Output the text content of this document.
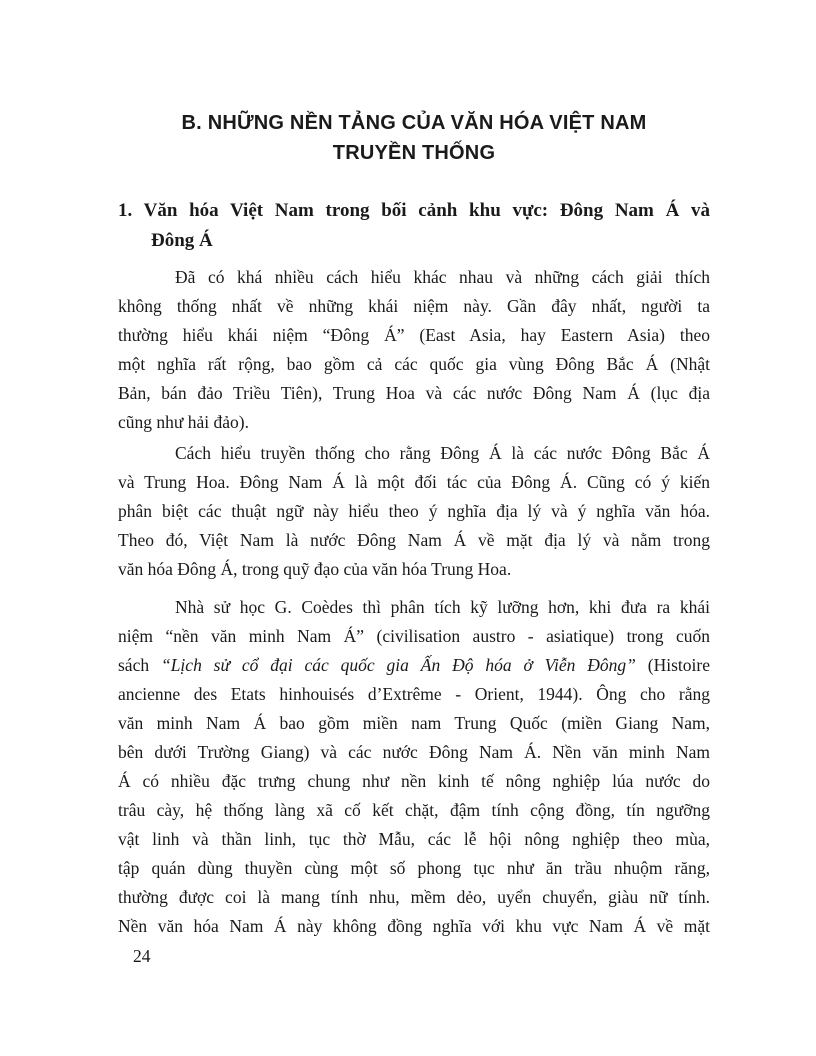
B. NHỮNG NỀN TẢNG CỦA VĂN HÓA VIỆT NAM
TRUYỀN THỐNG
1. Văn hóa Việt Nam trong bối cảnh khu vực: Đông Nam Á và
Đông Á
Đã có khá nhiều cách hiểu khác nhau và những cách giải thích
không thống nhất về những khái niệm này. Gần đây nhất, người ta
thường hiểu khái niệm “Đông Á” (East Asia, hay Eastern Asia) theo
một nghĩa rất rộng, bao gồm cả các quốc gia vùng Đông Bắc Á (Nhật
Bản, bán đảo Triều Tiên), Trung Hoa và các nước Đông Nam Á (lục địa
cũng như hải đảo).
Cách hiểu truyền thống cho rằng Đông Á là các nước Đông Bắc Á
và Trung Hoa. Đông Nam Á là một đối tác của Đông Á. Cũng có ý kiến
phân biệt các thuật ngữ này hiểu theo ý nghĩa địa lý và ý nghĩa văn hóa.
Theo đó, Việt Nam là nước Đông Nam Á về mặt địa lý và nằm trong
văn hóa Đông Á, trong quỹ đạo của văn hóa Trung Hoa.
Nhà sử học G. Coèdes thì phân tích kỹ lưỡng hơn, khi đưa ra khái
niệm “nền văn minh Nam Á” (civilisation austro - asiatique) trong cuốn
sách “Lịch sử cổ đại các quốc gia Ấn Độ hóa ở Viễn Đông” (Histoire
ancienne des Etats hinhouisés d’Extrême - Orient, 1944). Ông cho rằng
văn minh Nam Á bao gồm miền nam Trung Quốc (miền Giang Nam,
bên dưới Trường Giang) và các nước Đông Nam Á. Nền văn minh Nam
Á có nhiều đặc trưng chung như nền kinh tế nông nghiệp lúa nước do
trâu cày, hệ thống làng xã cố kết chặt, đậm tính cộng đồng, tín ngưỡng
vật linh và thần linh, tục thờ Mẫu, các lễ hội nông nghiệp theo mùa,
tập quán dùng thuyền cùng một số phong tục như ăn trầu nhuộm răng,
thường được coi là mang tính nhu, mềm dẻo, uyển chuyển, giàu nữ tính.
Nền văn hóa Nam Á này không đồng nghĩa với khu vực Nam Á về mặt
24
